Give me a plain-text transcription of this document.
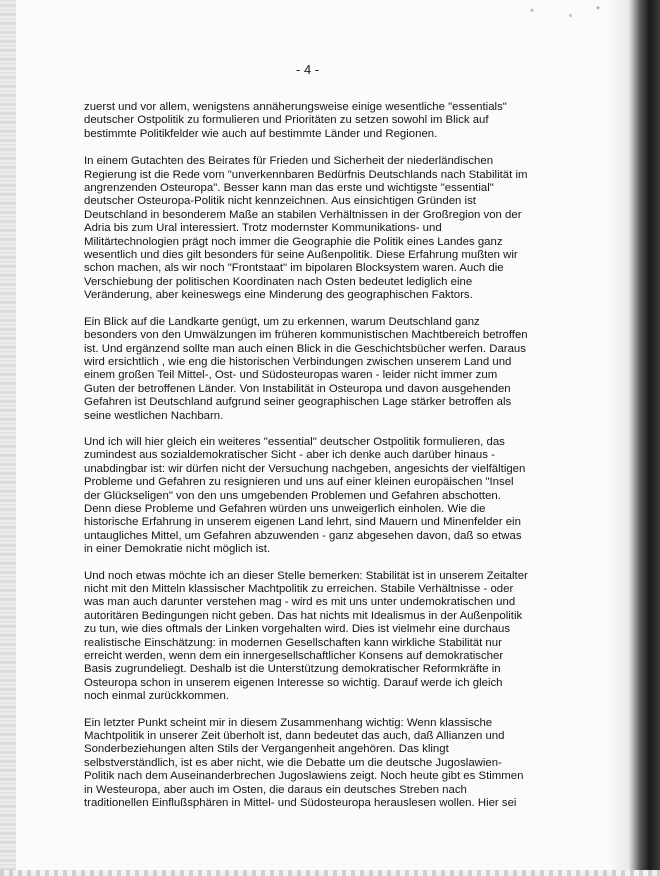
- 4 -

zuerst und vor allem, wenigstens annäherungsweise einige wesentliche "essentials" deutscher Ostpolitik zu formulieren und Prioritäten zu setzen sowohl im Blick auf bestimmte Politikfelder wie auch auf bestimmte Länder und Regionen.

In einem Gutachten des Beirates für Frieden und Sicherheit der niederländischen Regierung ist die Rede vom "unverkennbaren Bedürfnis Deutschlands nach Stabilität im angrenzenden Osteuropa". Besser kann man das erste und wichtigste "essential" deutscher Osteuropa-Politik nicht kennzeichnen. Aus einsichtigen Gründen ist Deutschland in besonderem Maße an stabilen Verhältnissen in der Großregion von der Adria bis zum Ural interessiert. Trotz modernster Kommunikations- und Militärtechnologien prägt noch immer die Geographie die Politik eines Landes ganz wesentlich und dies gilt besonders für seine Außenpolitik. Diese Erfahrung mußten wir schon machen, als wir noch "Frontstaat" im bipolaren Blocksystem waren. Auch die Verschiebung der politischen Koordinaten nach Osten bedeutet lediglich eine Veränderung, aber keineswegs eine Minderung des geographischen Faktors.

Ein Blick auf die Landkarte genügt, um zu erkennen, warum Deutschland ganz besonders von den Umwälzungen im früheren kommunistischen Machtbereich betroffen ist. Und ergänzend sollte man auch einen Blick in die Geschichtsbücher werfen. Daraus wird ersichtlich , wie eng die historischen Verbindungen zwischen unserem Land und einem großen Teil Mittel-, Ost- und Südosteuropas waren - leider nicht immer zum Guten der betroffenen Länder. Von Instabilität in Osteuropa und davon ausgehenden Gefahren ist Deutschland aufgrund seiner geographischen Lage stärker betroffen als seine westlichen Nachbarn.

Und ich will hier gleich ein weiteres "essential" deutscher Ostpolitik formulieren, das zumindest aus sozialdemokratischer Sicht - aber ich denke auch darüber hinaus - unabdingbar ist: wir dürfen nicht der Versuchung nachgeben, angesichts der vielfältigen Probleme und Gefahren zu resignieren und uns auf einer kleinen europäischen "Insel der Glückseligen" von den uns umgebenden Problemen und Gefahren abschotten. Denn diese Probleme und Gefahren würden uns unweigerlich einholen. Wie die historische Erfahrung in unserem eigenen Land lehrt, sind Mauern und Minenfelder ein untaugliches Mittel, um Gefahren abzuwenden - ganz abgesehen davon, daß so etwas in einer Demokratie nicht möglich ist.

Und noch etwas möchte ich an dieser Stelle bemerken: Stabilität ist in unserem Zeitalter nicht mit den Mitteln klassischer Machtpolitik zu erreichen. Stabile Verhältnisse - oder was man auch darunter verstehen mag - wird es mit uns unter undemokratischen und autoritären Bedingungen nicht geben. Das hat nichts mit Idealismus in der Außenpolitik zu tun, wie dies oftmals der Linken vorgehalten wird. Dies ist vielmehr eine durchaus realistische Einschätzung: in modernen Gesellschaften kann wirkliche Stabilität nur erreicht werden, wenn dem ein innergesellschaftlicher Konsens auf demokratischer Basis zugrundeliegt. Deshalb ist die Unterstützung demokratischer Reformkräfte in Osteuropa schon in unserem eigenen Interesse so wichtig. Darauf werde ich gleich noch einmal zurückkommen.

Ein letzter Punkt scheint mir in diesem Zusammenhang wichtig: Wenn klassische Machtpolitik in unserer Zeit überholt ist, dann bedeutet das auch, daß Allianzen und Sonderbeziehungen alten Stils der Vergangenheit angehören. Das klingt selbstverständlich, ist es aber nicht, wie die Debatte um die deutsche Jugoslawien-Politik nach dem Auseinanderbrechen Jugoslawiens zeigt. Noch heute gibt es Stimmen in Westeuropa, aber auch im Osten, die daraus ein deutsches Streben nach traditionellen Einflußsphären in Mittel- und Südosteuropa herauslesen wollen. Hier sei
